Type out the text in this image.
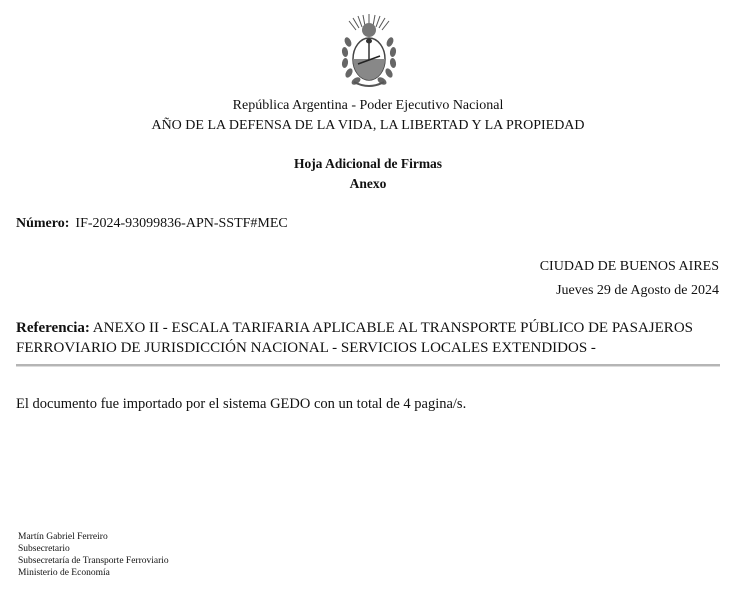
República Argentina - Poder Ejecutivo Nacional
AÑO DE LA DEFENSA DE LA VIDA, LA LIBERTAD Y LA PROPIEDAD
Hoja Adicional de Firmas
Anexo
Número: IF-2024-93099836-APN-SSTF#MEC
CIUDAD DE BUENOS AIRES
Jueves 29 de Agosto de 2024
Referencia: ANEXO II - ESCALA TARIFARIA APLICABLE AL TRANSPORTE PÚBLICO DE PASAJEROS FERROVIARIO DE JURISDICCIÓN NACIONAL - SERVICIOS LOCALES EXTENDIDOS -
El documento fue importado por el sistema GEDO con un total de 4 pagina/s.
Martín Gabriel Ferreiro
Subsecretario
Subsecretaría de Transporte Ferroviario
Ministerio de Economía
